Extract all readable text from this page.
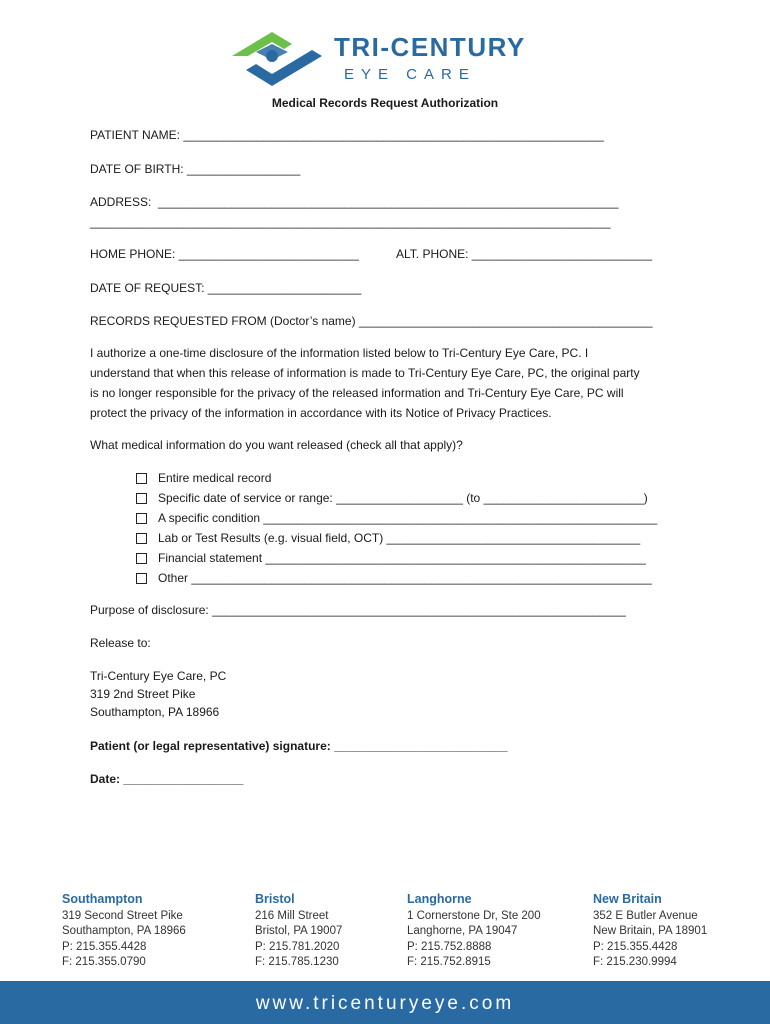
TRI-CENTURY
EYE CARE
Medical Records Request Authorization
PATIENT NAME: _______________________________________________________________
DATE OF BIRTH: _________________
ADDRESS:  _____________________________________________________________________
______________________________________________________________________________
HOME PHONE: ___________________________	ALT. PHONE: ___________________________
DATE OF REQUEST: _______________________
RECORDS REQUESTED FROM (Doctor’s name) ____________________________________________
I authorize a one-time disclosure of the information listed below to Tri-Century Eye Care, PC. I
understand that when this release of information is made to Tri-Century Eye Care, PC, the original party
is no longer responsible for the privacy of the released information and Tri-Century Eye Care, PC will
protect the privacy of the information in accordance with its Notice of Privacy Practices.
What medical information do you want released (check all that apply)?
Entire medical record
Specific date of service or range: ___________________ (to ________________________)
A specific condition ___________________________________________________________
Lab or Test Results (e.g. visual field, OCT) ______________________________________
Financial statement _________________________________________________________
Other _____________________________________________________________________
Purpose of disclosure: ______________________________________________________________
Release to:
Tri-Century Eye Care, PC
319 2nd Street Pike
Southampton, PA 18966
Patient (or legal representative) signature: __________________________
Date: __________________
Southampton
319 Second Street Pike
Southampton, PA 18966
P: 215.355.4428
F: 215.355.0790
Bristol
216 Mill Street
Bristol, PA 19007
P: 215.781.2020
F: 215.785.1230
Langhorne
1 Cornerstone Dr, Ste 200
Langhorne, PA 19047
P: 215.752.8888
F: 215.752.8915
New Britain
352 E Butler Avenue
New Britain, PA 18901
P: 215.355.4428
F: 215.230.9994
www.tricenturyeye.com
